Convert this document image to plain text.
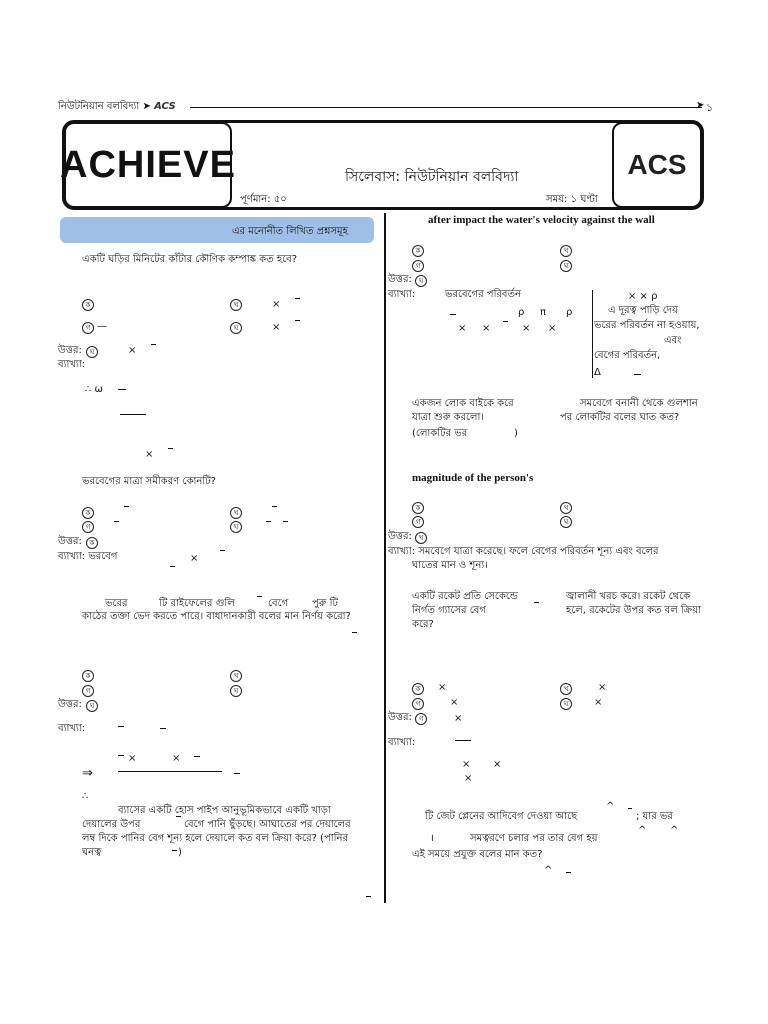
নিউটনিয়ান বলবিদ্যা ➤ ACS	➤ ১
ACHIEVE	ACS
সিলেবাস: নিউটনিয়ান বলবিদ্যা
পূর্ণমান: ৫০	সময়: ১ ঘণ্টা
এর মনোনীত লিখিত প্রশ্নসমূহ
একটি ঘড়ির মিনিটের কাঁটার কৌণিক কম্পাঙ্ক কত হবে?
ক	খ	×
গ —	ঘ	×
উত্তর:	ঘ	×
ব্যাখ্যা:
∴ ω
×
ভরবেগের মাত্রা সমীকরণ কোনটি?
ক	খ
গ	ঘ
উত্তর:	ক
ব্যাখ্যা: ভরবেগ	×
ভরের	টি রাইফেলের গুলি	বেগে পুরু টি
কাঠের তক্তা ভেদ করতে পারে। বাধাদানকারী বলের মান নির্ণয় করো?
ক	খ
গ	ঘ
উত্তর:	ঘ
ব্যাখ্যা:
×	×
⇒
∴
ব্যাসের একটি হোস পাইপ আনুভূমিকভাবে একটি খাড়া
দেয়ালের উপর	বেগে পানি ছুঁড়ছে। আঘাতের পর দেয়ালের
লম্ব দিকে পানির বেগ শূন্য হলে দেয়ালে কত বল ক্রিয়া করে? (পানির
ঘনত্ব	)
after impact the water's velocity against the wall
ক	খ
গ	ঘ
উত্তর:	ঘ
ব্যাখ্যা:	ভরবেগের পরিবর্তন
ρ π ρ
× ×	× ×
× × ρ
এ দূরত্ব পাড়ি দেয়
ভরের পরিবর্তন না হওয়ায়,
এবং
বেগের পরিবর্তন,
Δ
একজন লোক বাইকে করে	সমবেগে বনানী থেকে গুলশান
যাত্রা শুরু করলো।	পর লোকটির বলের ঘাত কত?
(লোকটির ভর	)
magnitude of the person's
ক	খ
গ	ঘ
উত্তর: খ
ব্যাখ্যা: সমবেগে যাত্রা করেছে। ফলে বেগের পরিবর্তন শূন্য এবং বলের
ঘাতের মান ও শূন্য।
একটি রকেট প্রতি সেকেন্ডে	জ্বালানী খরচ করে। রকেট থেকে
নির্গত গ্যাসের বেগ	হলে, রকেটের উপর কত বল ক্রিয়া
করে?
ক	×	খ	×
গ	×	ঘ	×
উত্তর: গ	×
ব্যাখ্যা:
× ×
×
টি জেট প্লেনের আদিবেগ দেওয়া আছে
^
; যার ভর
।	সমত্বরণে চলার পর তার বেগ হয়
^ ^
এই সময়ে প্রযুক্ত বলের মান কত?
^
